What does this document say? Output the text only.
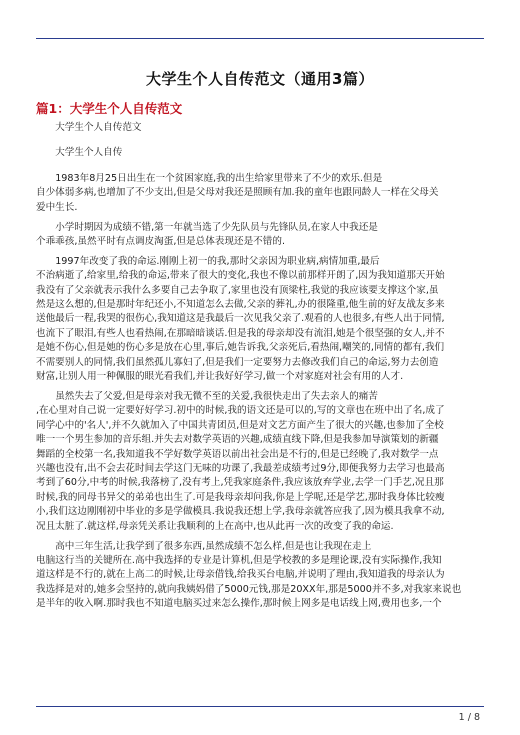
大学生个人自传范文（通用3篇）
篇1：大学生个人自传范文

大学生个人自传范文

大学生个人自传

1983年8月25日出生在一个贫困家庭,我的出生给家里带来了不少的欢乐.但是
自少体弱多病,也增加了不少支出,但是父母对我还是照顾有加.我的童年也跟同龄人一样在父母关
爱中生长.

小学时期因为成绩不错,第一年就当选了少先队员与先锋队员,在家人中我还是
个乖乖孩,虽然平时有点调皮淘蛋,但是总体表现还是不错的.

1997年改变了我的命运.刚刚上初一的我,那时父亲因为职业病,病情加重,最后
不治病逝了,给家里,给我的命运,带来了很大的变化,我也不像以前那样开朗了,因为我知道那天开始
我没有了父亲就表示我什么多要自己去争取了,家里也没有顶梁柱,我觉的我应该要支撑这个家,虽
然是这么想的,但是那时年纪还小,不知道怎么去做,父亲的葬礼,办的很隆重,他生前的好友战友多来
送他最后一程,我哭的很伤心,我知道这是我最后一次见我父亲了.观看的人也很多,有些人出于同情,
也流下了眼泪,有些人也看热闹,在那暗暗谈话.但是我的母亲却没有流泪,她是个很坚强的女人,并不
是她不伤心,但是她的伤心多是放在心里,事后,她告诉我,父亲死后,看热闹,嘲笑的,同情的都有,我们
不需要别人的同情,我们虽然孤儿寡妇了,但是我们一定要努力去修改我们自己的命运,努力去创造
财富,让别人用一种佩服的眼光看我们,并让我好好学习,做一个对家庭对社会有用的人才.

虽然失去了父爱,但是母亲对我无微不至的关爱,我很快走出了失去亲人的痛苦
,在心里对自己说一定要好好学习.初中的时候,我的语文还是可以的,写的文章也在班中出了名,成了
同学心中的'名人',并不久就加入了中国共青团员,但是对文艺方面产生了很大的兴趣,也参加了全校
唯一一个男生参加的音乐组.并失去对数学英语的兴趣,成绩直线下降,但是我参加导演策划的新疆
舞蹈的全校第一名,我知道我不学好数学英语以前出社会出是不行的,但是已经晚了,我对数学一点
兴趣也没有,出不会去花时间去学这门无味的功课了,我最差成绩考过9分,即便我努力去学习也最高
考到了60分,中考的时候,我落榜了,没有考上,凭我家庭条件,我应该放弃学业,去学一门手艺,况且那
时候,我的同母书异父的弟弟也出生了.可是我母亲却问我,你是上学呢,还是学艺,那时我身体比较瘦
小,我们这边刚刚初中毕业的多是学做模具.我说我还想上学,我母亲就答应我了,因为模具我拿不动,
况且太脏了.就这样,母亲凭关系让我顺利的上在高中,也从此再一次的改变了我的命运.

高中三年生活,让我学到了很多东西,虽然成绩不怎么样,但是也让我现在走上
电脑这行当的关键所在.高中我选择的专业是计算机,但是学校教的多是理论课,没有实际操作,我知
道这样是不行的,就在上高二的时候,让母亲借钱,给我买台电脑,并说明了理由,我知道我的母亲认为
我选择是对的,她多会坚持的,就向我姨妈借了5000元钱,那是20XX年,那是5000并不多,对我家来说也
是半年的收入啊.那时我也不知道电脑买过来怎么操作,那时候上网多是电话线上网,费用也多,一个

1 / 8
